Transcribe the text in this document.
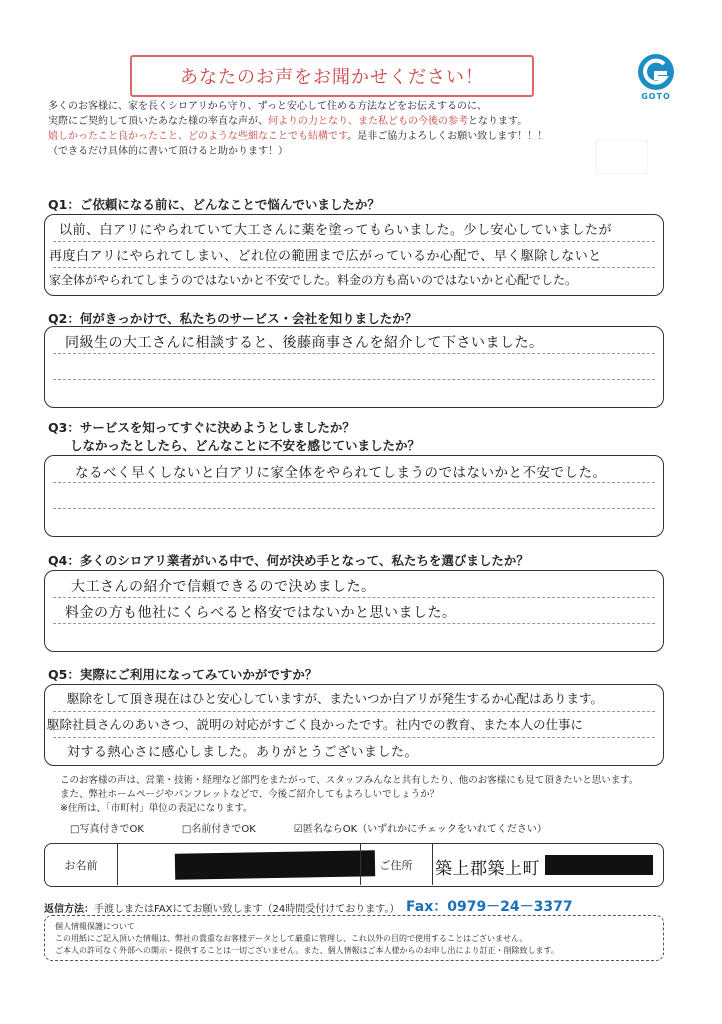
あなたのお声をお聞かせください！
GOTO
多くのお客様に、家を長くシロアリから守り、ずっと安心して住める方法などをお伝えするのに、
実際にご契約して頂いたあなた様の率直な声が、何よりの力となり、また私どもの今後の参考となります。
嬉しかったこと良かったこと、どのような些細なことでも結構です。是非ご協力よろしくお願い致します！！！
（できるだけ具体的に書いて頂けると助かります！）
Q1：ご依頼になる前に、どんなことで悩んでいましたか？
以前、白アリにやられていて大工さんに薬を塗ってもらいました。少し安心していましたが
再度白アリにやられてしまい、どれ位の範囲まで広がっているか心配で、早く駆除しないと
家全体がやられてしまうのではないかと不安でした。料金の方も高いのではないかと心配でした。
Q2：何がきっかけで、私たちのサービス・会社を知りましたか？
同級生の大工さんに相談すると、後藤商事さんを紹介して下さいました。
Q3：サービスを知ってすぐに決めようとしましたか？
しなかったとしたら、どんなことに不安を感じていましたか？
なるべく早くしないと白アリに家全体をやられてしまうのではないかと不安でした。
Q4：多くのシロアリ業者がいる中で、何が決め手となって、私たちを選びましたか？
大工さんの紹介で信頼できるので決めました。
料金の方も他社にくらべると格安ではないかと思いました。
Q5：実際にご利用になってみていかがですか？
駆除をして頂き現在はひと安心していますが、またいつか白アリが発生するか心配はあります。
駆除社員さんのあいさつ、説明の対応がすごく良かったです。社内での教育、また本人の仕事に
対する熱心さに感心しました。ありがとうございました。
このお客様の声は、営業・技術・経理など部門をまたがって、スタッフみんなと共有したり、他のお客様にも見て頂きたいと思います。
また、弊社ホームページやパンフレットなどで、今後ご紹介してもよろしいでしょうか？
※住所は、「市町村」単位の表記になります。
□写真付きでOK	□名前付きでOK	☑匿名ならOK（いずれかにチェックをいれてください）
お名前	ご住所	築上郡築上町
返信方法：手渡しまたはFAXにてお願い致します（24時間受付けております。） Fax：0979－24－3377
個人情報保護について
この用紙にご記入頂いた情報は、弊社の貴重なお客様データとして厳重に管理し、これ以外の目的で使用することはございません。
ご本人の許可なく外部への開示・提供することは一切ございません。また、個人情報はご本人様からのお申し出により訂正・削除致します。
